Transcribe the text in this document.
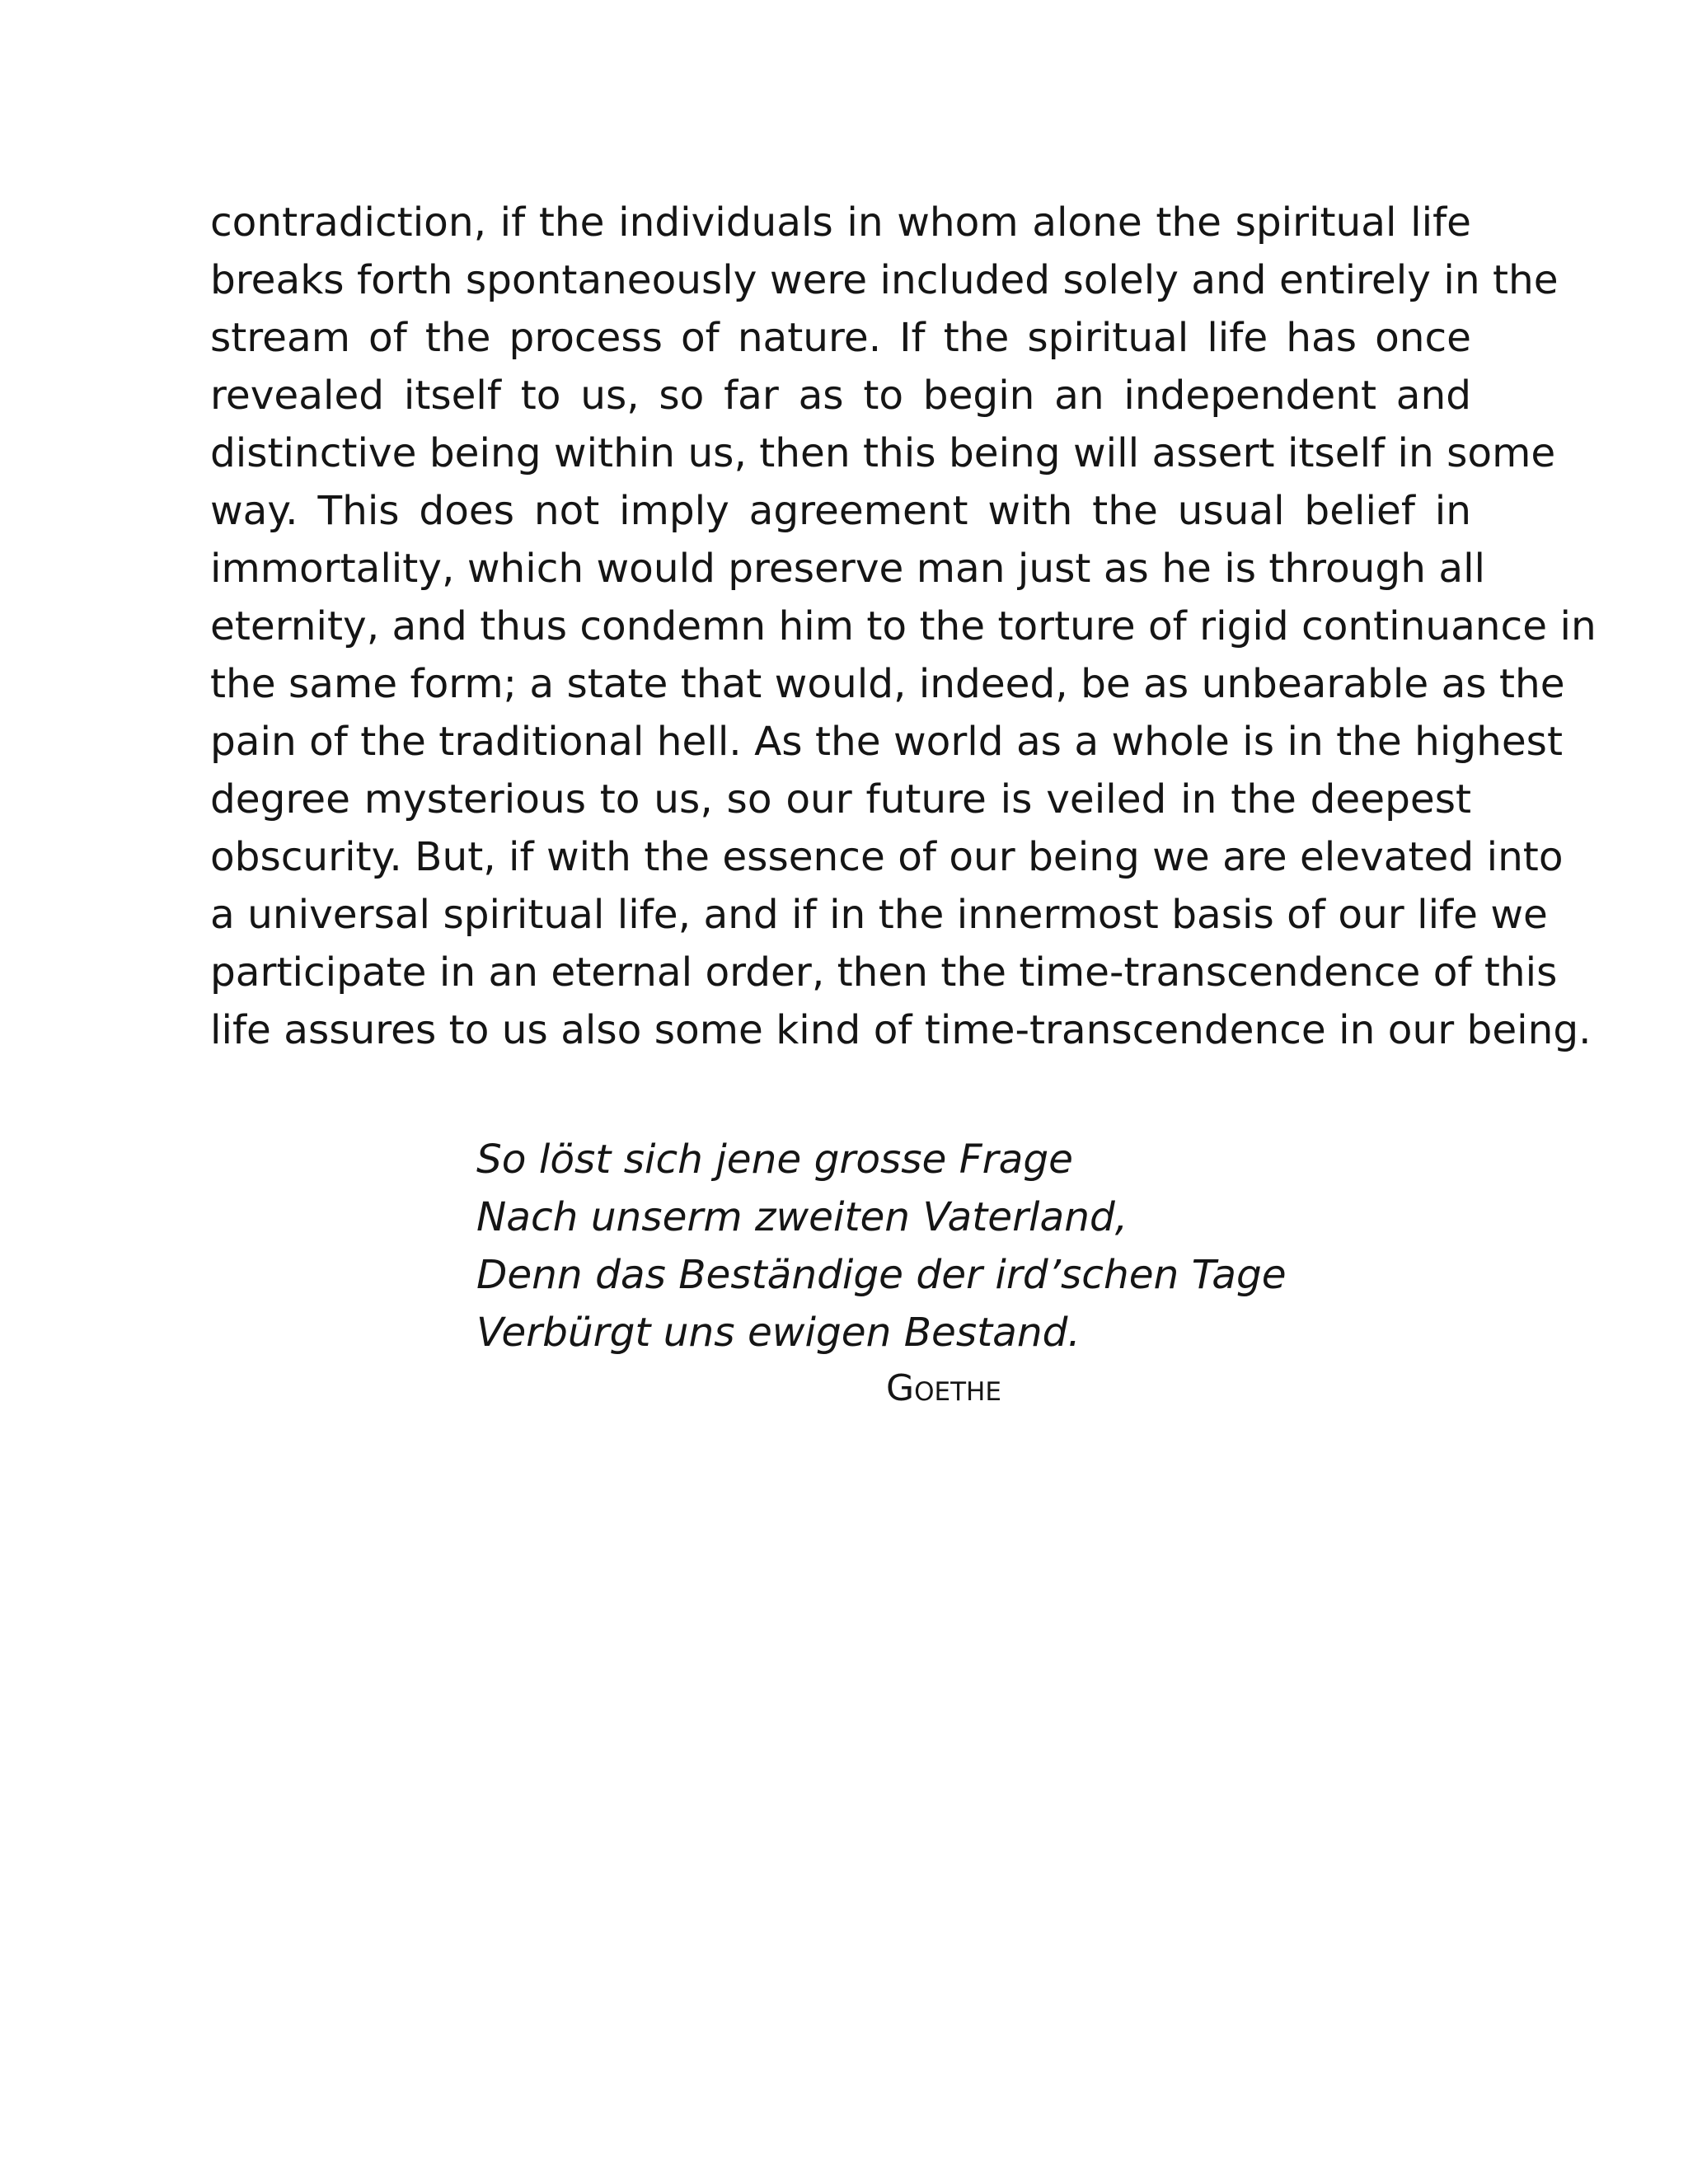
contradiction, if the individuals in whom alone the spiritual life
breaks forth spontaneously were included solely and entirely in the
stream of the process of nature. If the spiritual life has once
revealed itself to us, so far as to begin an independent and
distinctive being within us, then this being will assert itself in some
way. This does not imply agreement with the usual belief in
immortality, which would preserve man just as he is through all
eternity, and thus condemn him to the torture of rigid continuance in
the same form; a state that would, indeed, be as unbearable as the
pain of the traditional hell. As the world as a whole is in the highest
degree mysterious to us, so our future is veiled in the deepest
obscurity. But, if with the essence of our being we are elevated into
a universal spiritual life, and if in the innermost basis of our life we
participate in an eternal order, then the time-transcendence of this
life assures to us also some kind of time-transcendence in our being.
So löst sich jene grosse Frage
Nach unserm zweiten Vaterland,
Denn das Beständige der ird’schen Tage
Verbürgt uns ewigen Bestand.
Goethe
